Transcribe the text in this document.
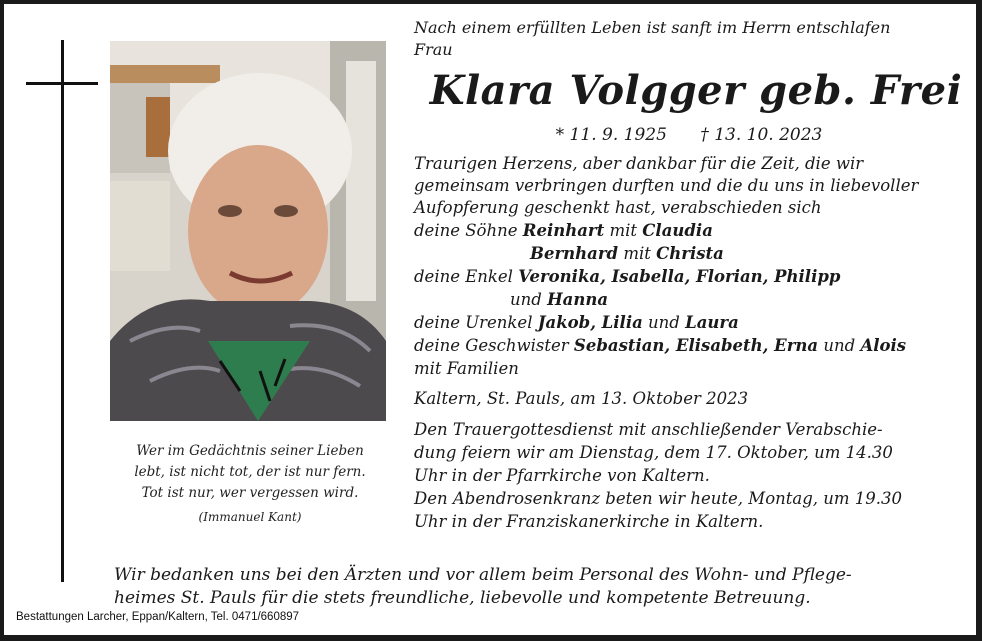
Wer im Gedächtnis seiner Lieben
lebt, ist nicht tot, der ist nur fern.
Tot ist nur, wer vergessen wird.
(Immanuel Kant)
Nach einem erfüllten Leben ist sanft im Herrn entschlafen
Frau
Klara Volgger geb. Frei
* 11. 9. 1925 † 13. 10. 2023
Traurigen Herzens, aber dankbar für die Zeit, die wir
gemeinsam verbringen durften und die du uns in liebevoller
Aufopferung geschenkt hast, verabschieden sich
deine Söhne Reinhart mit Claudia
Bernhard mit Christa
deine Enkel Veronika, Isabella, Florian, Philipp
und Hanna
deine Urenkel Jakob, Lilia und Laura
deine Geschwister Sebastian, Elisabeth, Erna und Alois
mit Familien
Kaltern, St. Pauls, am 13. Oktober 2023
Den Trauergottesdienst mit anschließender Verabschie-
dung feiern wir am Dienstag, dem 17. Oktober, um 14.30
Uhr in der Pfarrkirche von Kaltern.
Den Abendrosenkranz beten wir heute, Montag, um 19.30
Uhr in der Franziskanerkirche in Kaltern.
Wir bedanken uns bei den Ärzten und vor allem beim Personal des Wohn- und Pflege-
heimes St. Pauls für die stets freundliche, liebevolle und kompetente Betreuung.
Bestattungen Larcher, Eppan/Kaltern, Tel. 0471/660897
